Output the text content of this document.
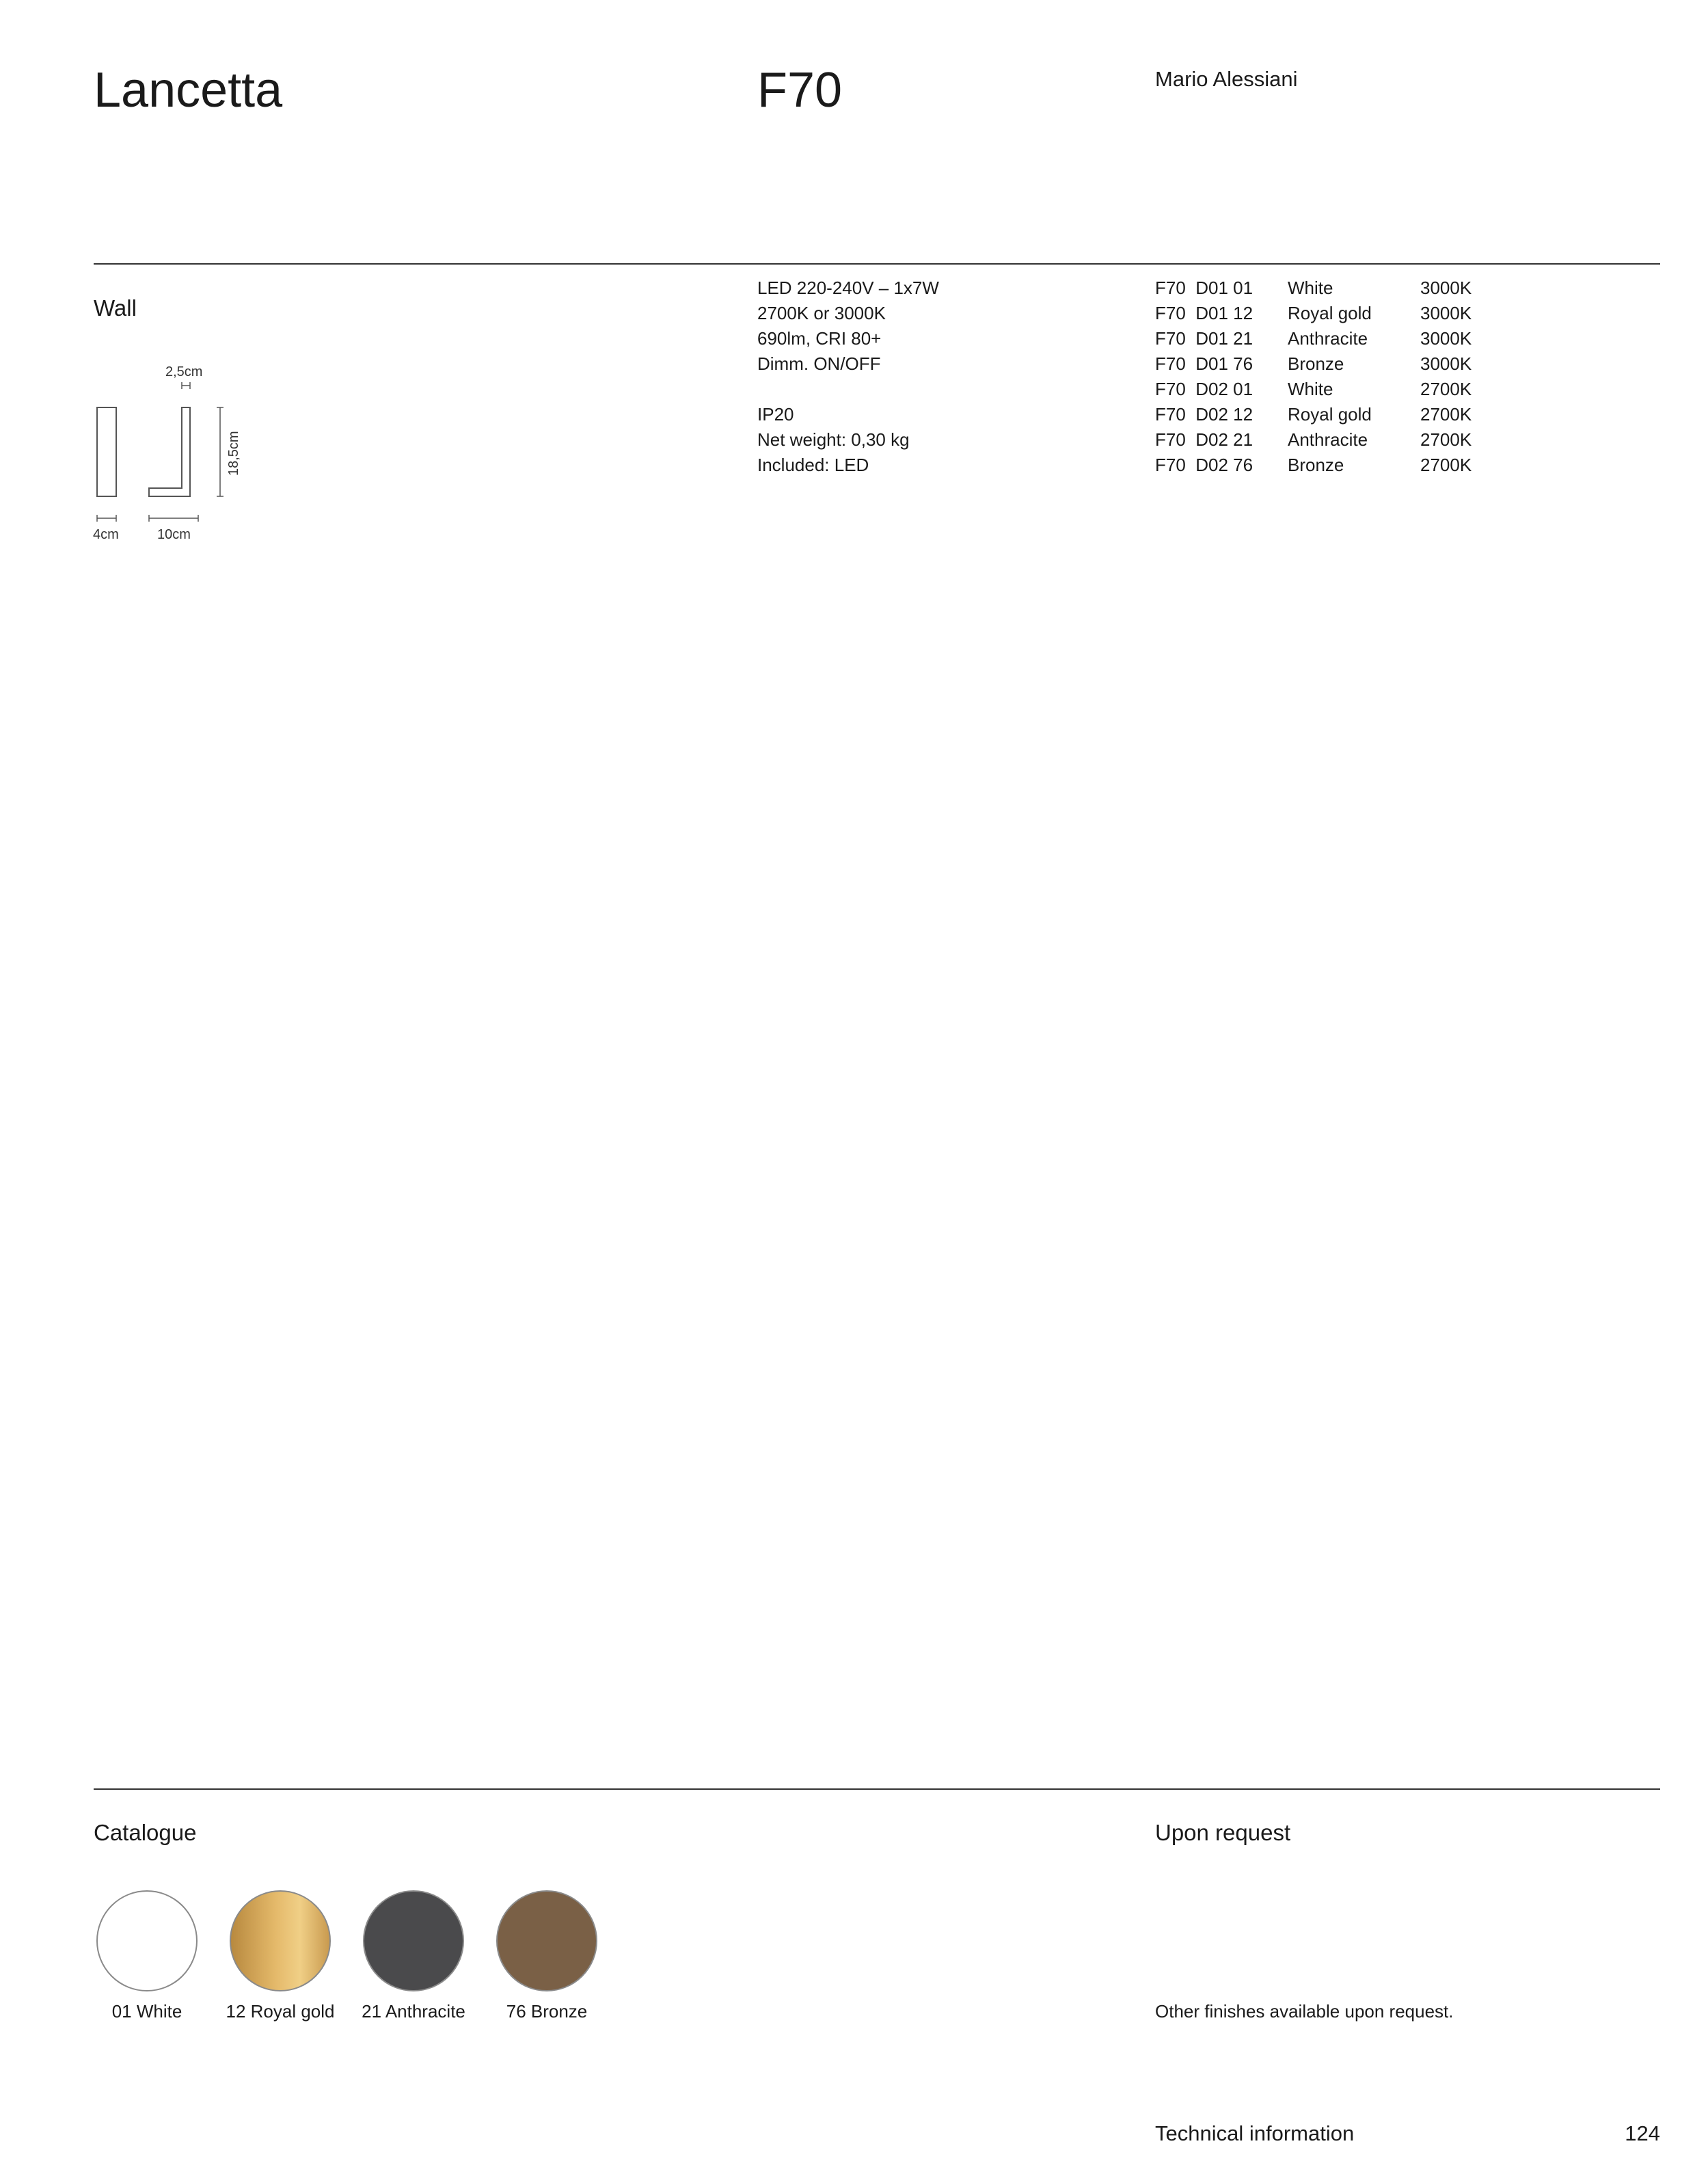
Lancetta	F70	Mario Alessiani
Wall
2,5cm
18,5cm
4cm	10cm
LED 220-240V – 1x7W
2700K or 3000K
690lm, CRI 80+
Dimm. ON/OFF
IP20
Net weight: 0,30 kg
Included: LED
F70  D01 01	White	3000K
F70  D01 12	Royal gold	3000K
F70  D01 21	Anthracite	3000K
F70  D01 76	Bronze	3000K
F70  D02 01	White	2700K
F70  D02 12	Royal gold	2700K
F70  D02 21	Anthracite	2700K
F70  D02 76	Bronze	2700K
Catalogue
01 White	12 Royal gold	21 Anthracite	76 Bronze
Upon request
Other finishes available upon request.
Technical information	124
